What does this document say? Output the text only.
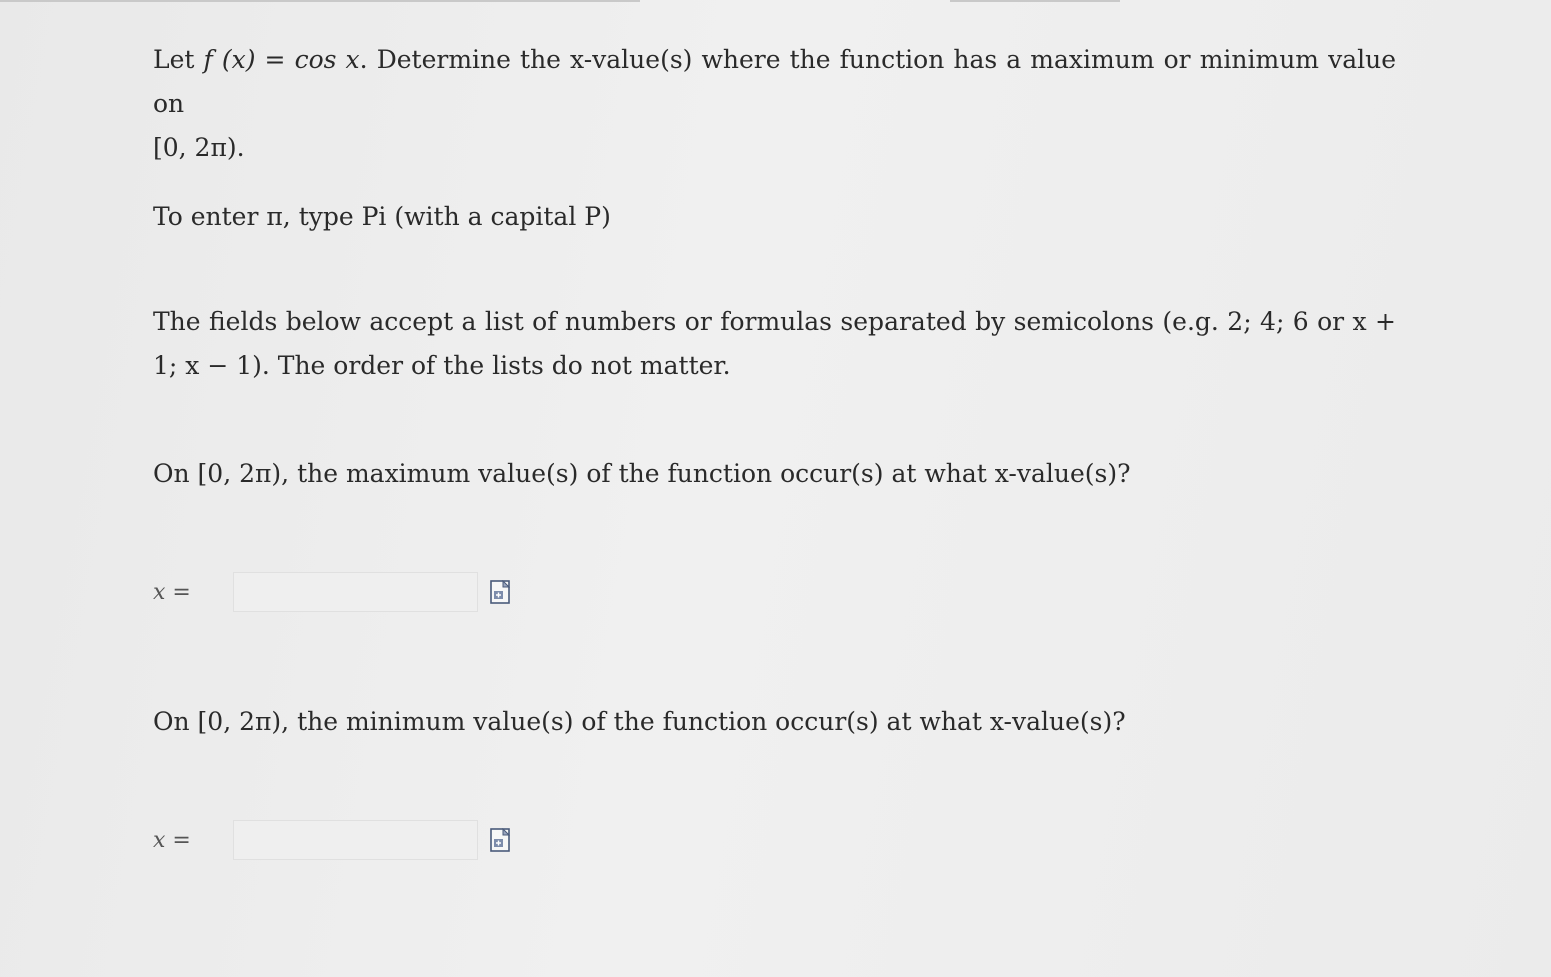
Let f (x) = cos x. Determine the x-value(s) where the function has a maximum or minimum value on
[0, 2π).
To enter π, type Pi (with a capital P)
The fields below accept a list of numbers or formulas separated by semicolons (e.g. 2; 4; 6 or x + 1; x − 1). The order of the lists do not matter.
On [0, 2π), the maximum value(s) of the function occur(s) at what x-value(s)?
x =
On [0, 2π), the minimum value(s) of the function occur(s) at what x-value(s)?
x =
